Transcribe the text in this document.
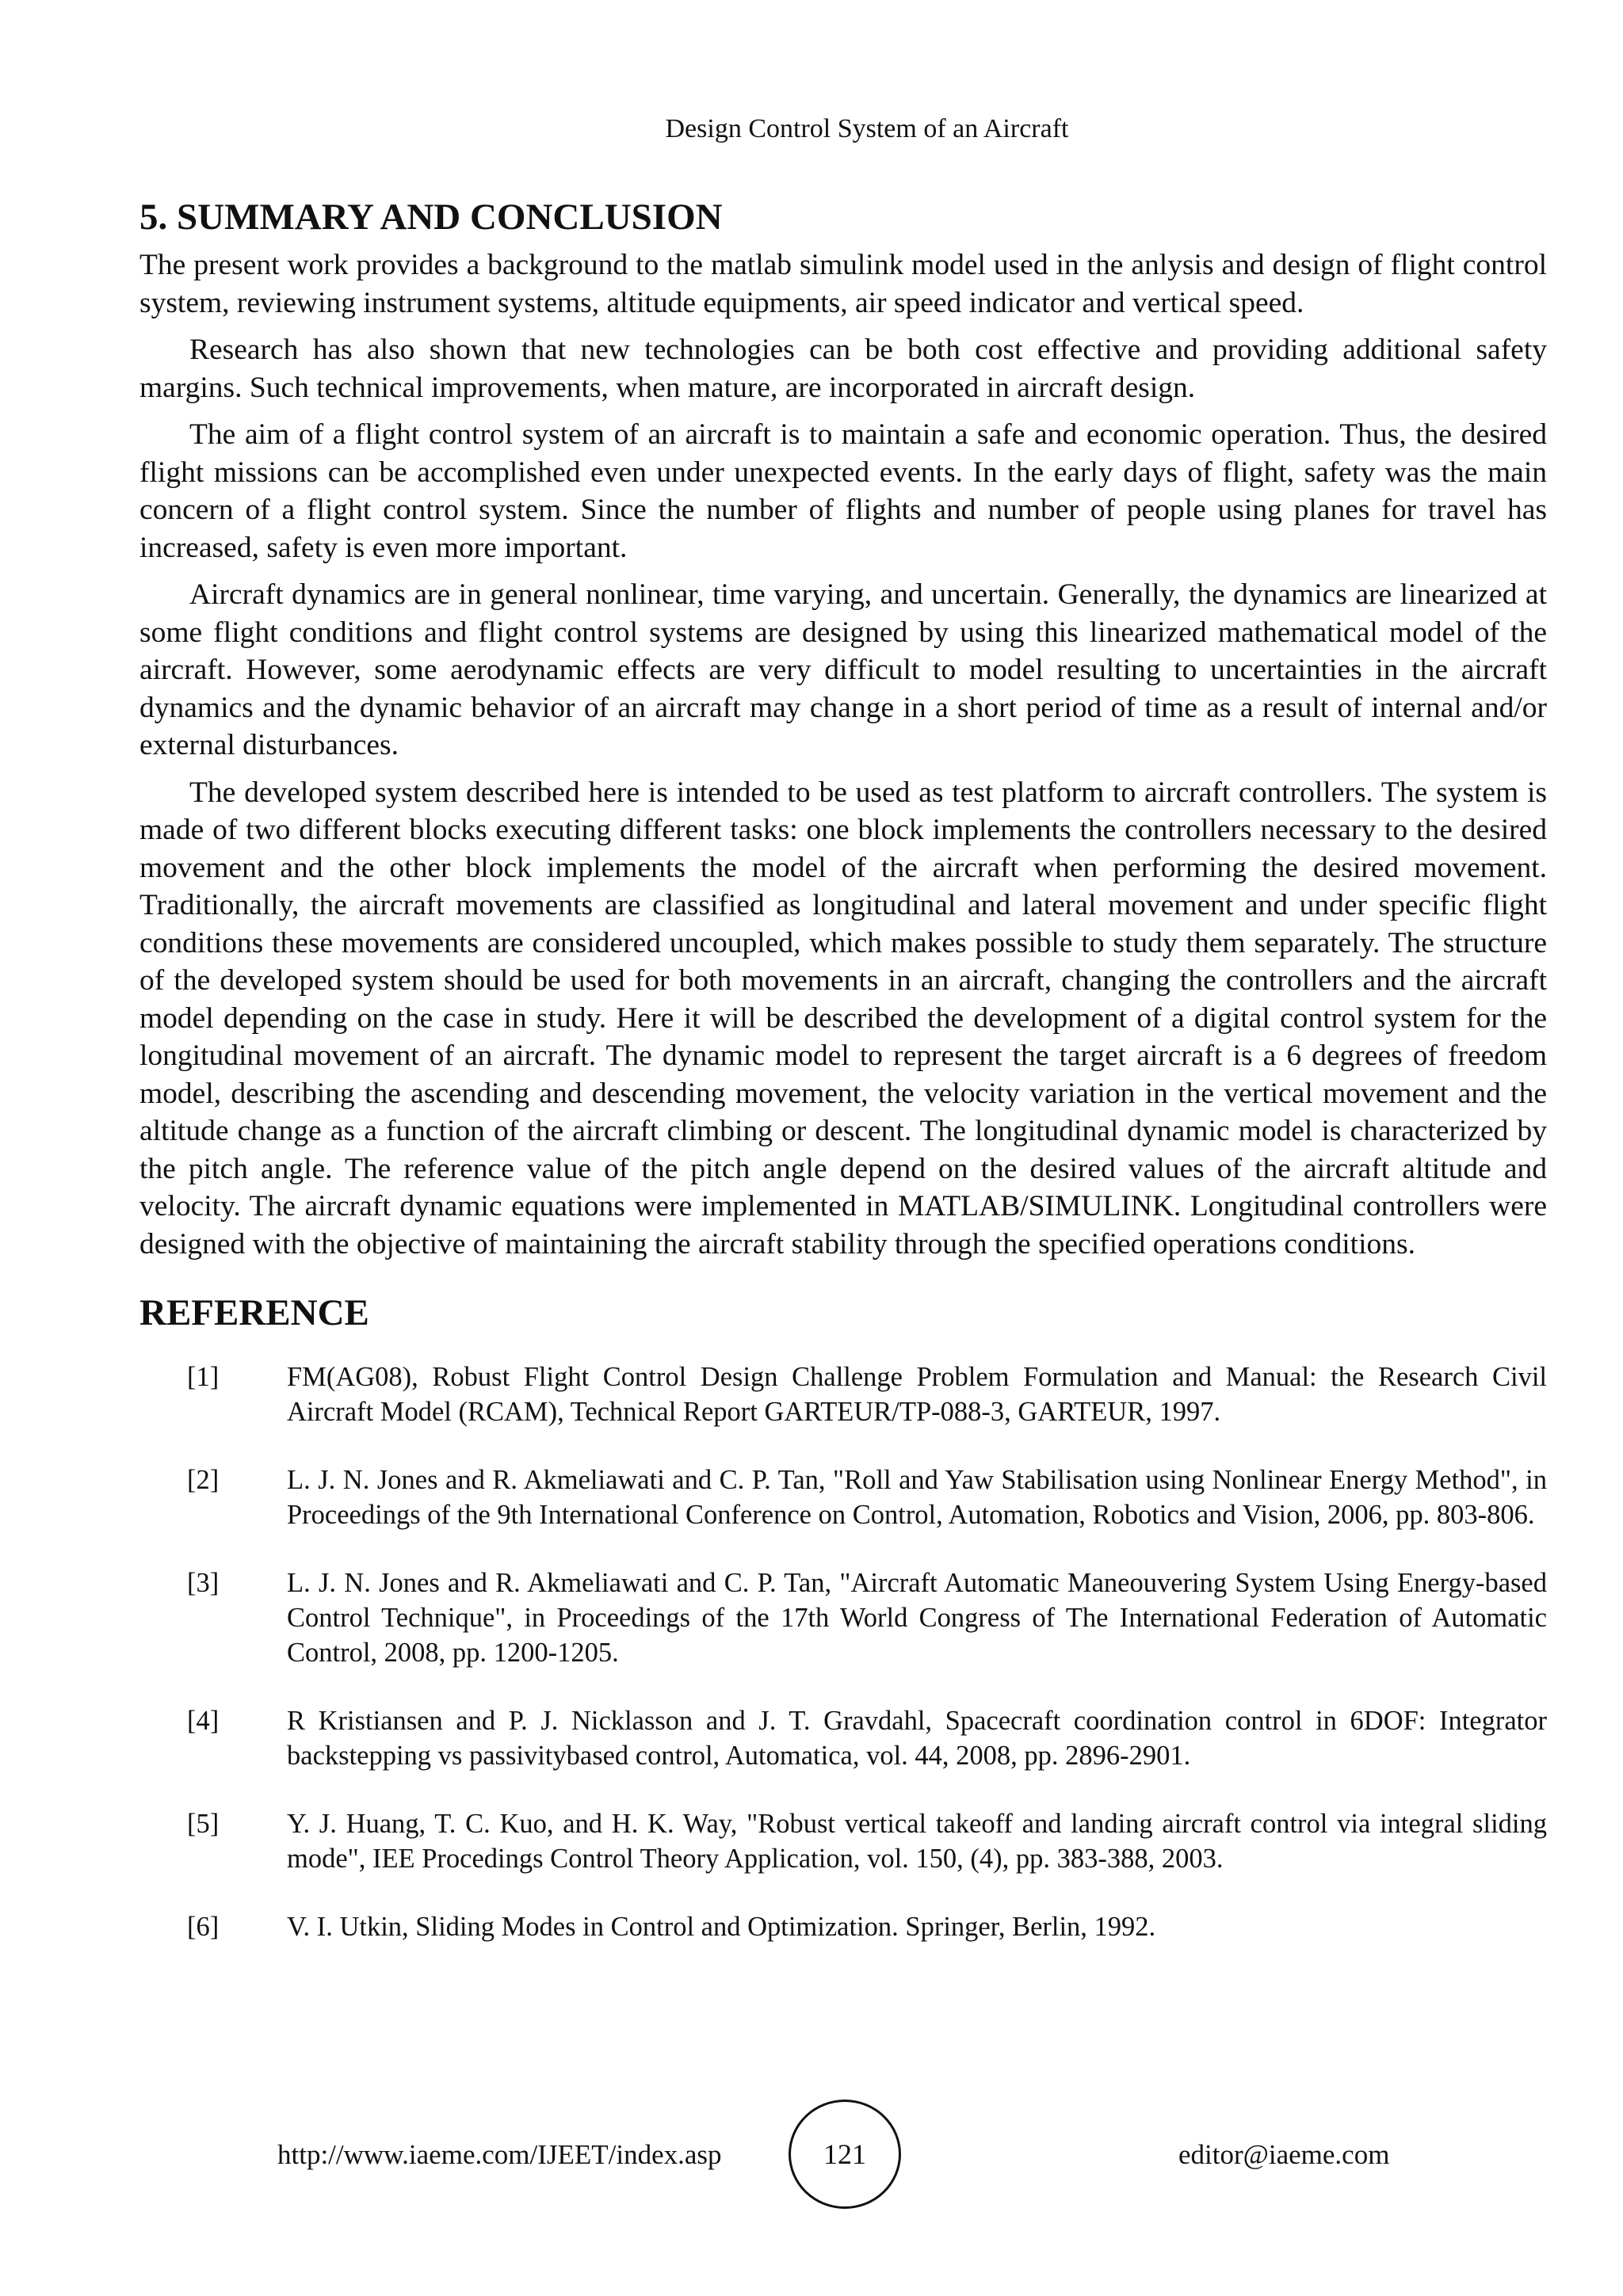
Design Control System of an Aircraft
5. SUMMARY AND CONCLUSION

The present work provides a background to the matlab simulink model used in the anlysis and design of flight control system, reviewing instrument systems, altitude equipments, air speed indicator and vertical speed.

Research has also shown that new technologies can be both cost effective and providing additional safety margins. Such technical improvements, when mature, are incorporated in aircraft design.

The aim of a flight control system of an aircraft is to maintain a safe and economic operation. Thus, the desired flight missions can be accomplished even under unexpected events. In the early days of flight, safety was the main concern of a flight control system. Since the number of flights and number of people using planes for travel has increased, safety is even more important.

Aircraft dynamics are in general nonlinear, time varying, and uncertain. Generally, the dynamics are linearized at some flight conditions and flight control systems are designed by using this linearized mathematical model of the aircraft. However, some aerodynamic effects are very difficult to model resulting to uncertainties in the aircraft dynamics and the dynamic behavior of an aircraft may change in a short period of time as a result of internal and/or external disturbances.

The developed system described here is intended to be used as test platform to aircraft controllers. The system is made of two different blocks executing different tasks: one block implements the controllers necessary to the desired movement and the other block implements the model of the aircraft when performing the desired movement. Traditionally, the aircraft movements are classified as longitudinal and lateral movement and under specific flight conditions these movements are considered uncoupled, which makes possible to study them separately. The structure of the developed system should be used for both movements in an aircraft, changing the controllers and the aircraft model depending on the case in study. Here it will be described the development of a digital control system for the longitudinal movement of an aircraft. The dynamic model to represent the target aircraft is a 6 degrees of freedom model, describing the ascending and descending movement, the velocity variation in the vertical movement and the altitude change as a function of the aircraft climbing or descent. The longitudinal dynamic model is characterized by the pitch angle. The reference value of the pitch angle depend on the desired values of the aircraft altitude and velocity. The aircraft dynamic equations were implemented in MATLAB/SIMULINK. Longitudinal controllers were designed with the objective of maintaining the aircraft stability through the specified operations conditions.

REFERENCE
[1] FM(AG08), Robust Flight Control Design Challenge Problem Formulation and Manual: the Research Civil Aircraft Model (RCAM), Technical Report GARTEUR/TP-088-3, GARTEUR, 1997.
[2] L. J. N. Jones and R. Akmeliawati and C. P. Tan, "Roll and Yaw Stabilisation using Nonlinear Energy Method", in Proceedings of the 9th International Conference on Control, Automation, Robotics and Vision, 2006, pp. 803-806.
[3] L. J. N. Jones and R. Akmeliawati and C. P. Tan, "Aircraft Automatic Maneouvering System Using Energy-based Control Technique", in Proceedings of the 17th World Congress of The International Federation of Automatic Control, 2008, pp. 1200-1205.
[4] R Kristiansen and P. J. Nicklasson and J. T. Gravdahl, Spacecraft coordination control in 6DOF: Integrator backstepping vs passivitybased control, Automatica, vol. 44, 2008, pp. 2896-2901.
[5] Y. J. Huang, T. C. Kuo, and H. K. Way, "Robust vertical takeoff and landing aircraft control via integral sliding mode", IEE Procedings Control Theory Application, vol. 150, (4), pp. 383-388, 2003.
[6] V. I. Utkin, Sliding Modes in Control and Optimization. Springer, Berlin, 1992.
http://www.iaeme.com/IJEET/index.asp	121	editor@iaeme.com
